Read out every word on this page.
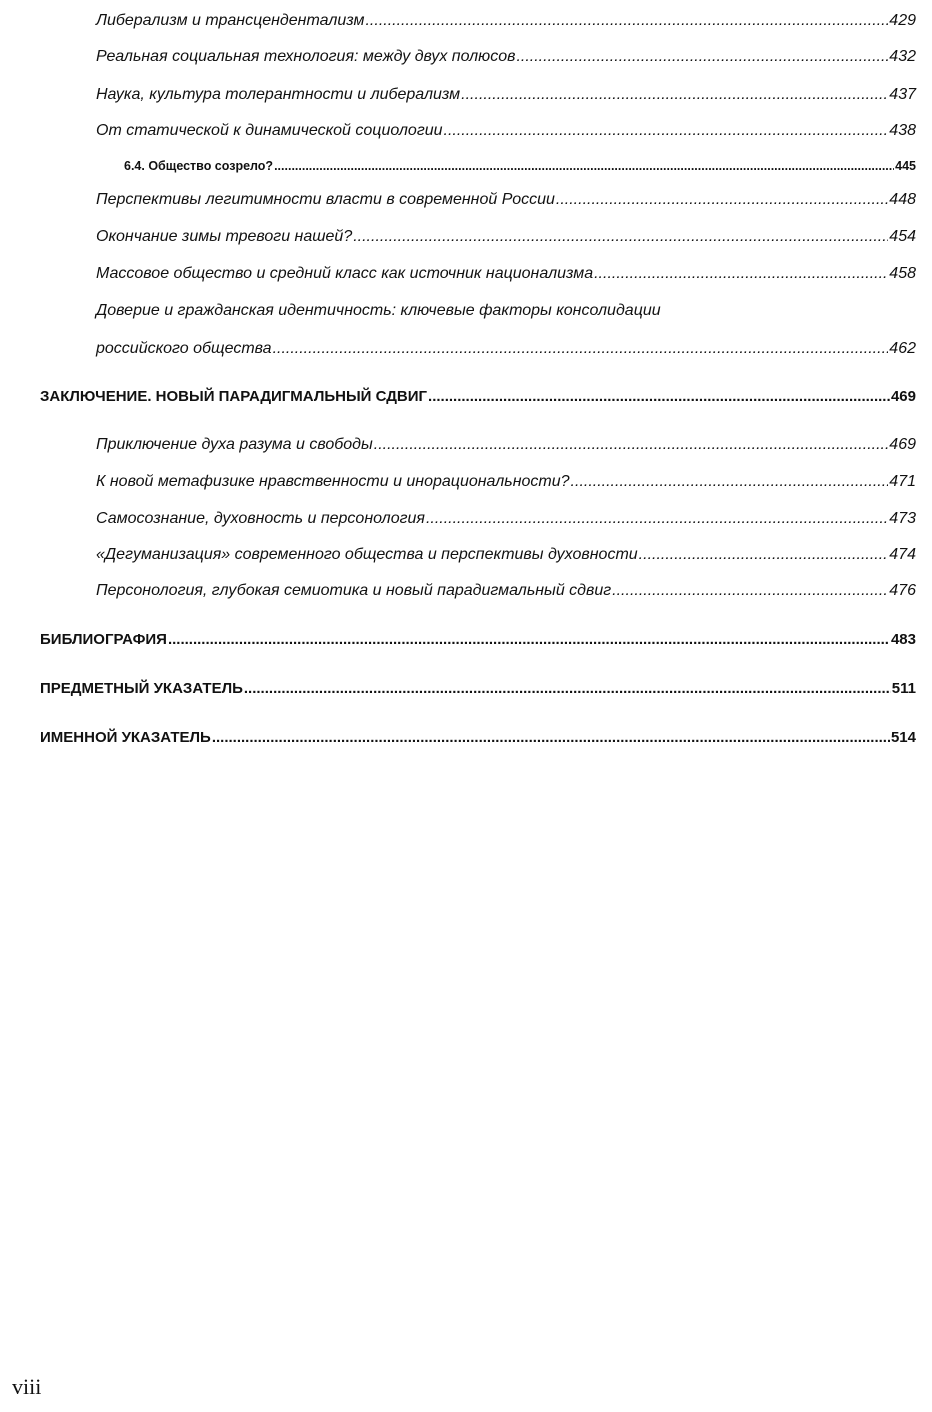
Либерализм и трансцендентализм .....	429
Реальная социальная технология: между двух полюсов .....	432
Наука, культура толерантности и либерализм .....	437
От статической к динамической социологии .....	438
6.4. Общество созрело? .....	445
Перспективы легитимности власти в современной России .....	448
Окончание зимы тревоги нашей? .....	454
Массовое общество и средний класс как источник национализма .....	458
Доверие и гражданская идентичность: ключевые факторы консолидации
российского общества .....	462
ЗАКЛЮЧЕНИЕ. НОВЫЙ ПАРАДИГМАЛЬНЫЙ СДВИГ .....	469
Приключение духа разума и свободы .....	469
К новой метафизике нравственности и инорациональности? .....	471
Самосознание, духовность и персонология .....	473
«Дегуманизация» современного общества и перспективы духовности .....	474
Персонология, глубокая семиотика и новый парадигмальный сдвиг .....	476
БИБЛИОГРАФИЯ .....	483
ПРЕДМЕТНЫЙ УКАЗАТЕЛЬ .....	511
ИМЕННОЙ УКАЗАТЕЛЬ .....	514
viii
